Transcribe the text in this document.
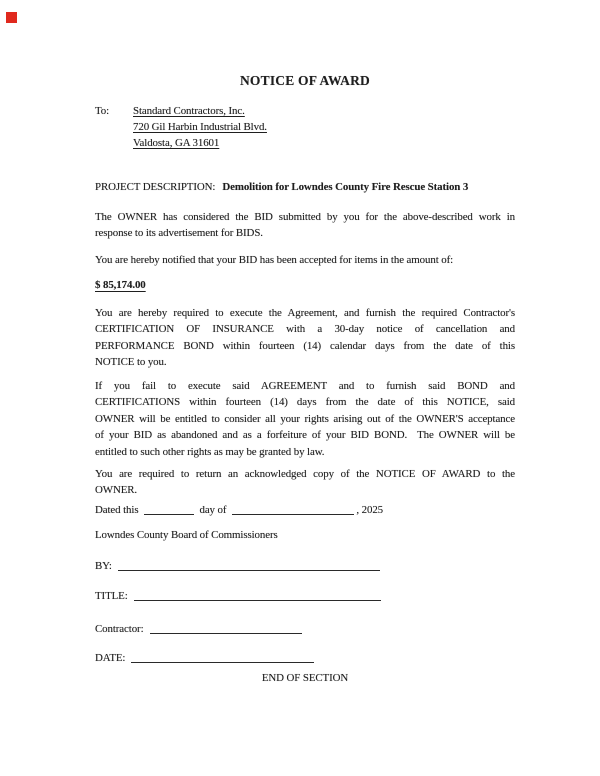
NOTICE OF AWARD
To:	Standard Contractors, Inc.
720 Gil Harbin Industrial Blvd.
Valdosta, GA 31601
PROJECT DESCRIPTION: Demolition for Lowndes County Fire Rescue Station 3
The OWNER has considered the BID submitted by you for the above-described work in
response to its advertisement for BIDS.
You are hereby notified that your BID has been accepted for items in the amount of:
$ 85,174.00
You are hereby required to execute the Agreement, and furnish the required Contractor's
CERTIFICATION OF INSURANCE with a 30-day notice of cancellation and
PERFORMANCE BOND within fourteen (14) calendar days from the date of this
NOTICE to you.
If you fail to execute said AGREEMENT and to furnish said BOND and
CERTIFICATIONS within fourteen (14) days from the date of this NOTICE, said
OWNER will be entitled to consider all your rights arising out of the OWNER'S acceptance
of your BID as abandoned and as a forfeiture of your BID BOND.  The OWNER will be
entitled to such other rights as may be granted by law.
You are required to return an acknowledged copy of the NOTICE OF AWARD to the
OWNER.
Dated this	day of	, 2025
Lowndes County Board of Commissioners
BY:
TITLE:
Contractor:
DATE:
END OF SECTION
